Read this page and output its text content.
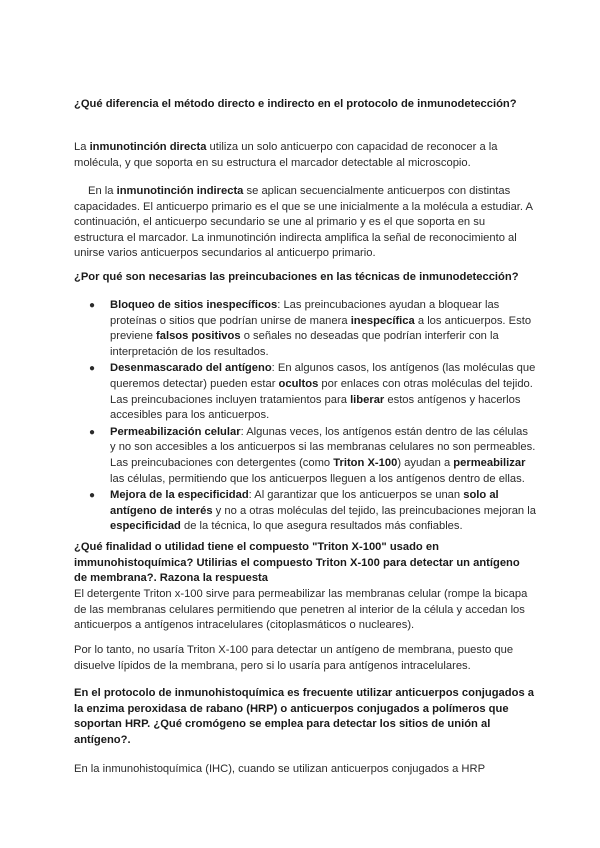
¿Qué diferencia el método directo e indirecto en el protocolo de inmunodetección?

La inmunotinción directa utiliza un solo anticuerpo con capacidad de reconocer a la molécula, y que soporta en su estructura el marcador detectable al microscopio.

En la inmunotinción indirecta se aplican secuencialmente anticuerpos con distintas capacidades. El anticuerpo primario es el que se une inicialmente a la molécula a estudiar. A continuación, el anticuerpo secundario se une al primario y es el que soporta en su estructura el marcador. La inmunotinción indirecta amplifica la señal de reconocimiento al unirse varios anticuerpos secundarios al anticuerpo primario.

¿Por qué son necesarias las preincubaciones en las técnicas de inmunodetección?
● Bloqueo de sitios inespecíficos: Las preincubaciones ayudan a bloquear las proteínas o sitios que podrían unirse de manera inespecífica a los anticuerpos. Esto previene falsos positivos o señales no deseadas que podrían interferir con la interpretación de los resultados.
● Desenmascarado del antígeno: En algunos casos, los antígenos (las moléculas que queremos detectar) pueden estar ocultos por enlaces con otras moléculas del tejido. Las preincubaciones incluyen tratamientos para liberar estos antígenos y hacerlos accesibles para los anticuerpos.
● Permeabilización celular: Algunas veces, los antígenos están dentro de las células y no son accesibles a los anticuerpos si las membranas celulares no son permeables. Las preincubaciones con detergentes (como Triton X-100) ayudan a permeabilizar las células, permitiendo que los anticuerpos lleguen a los antígenos dentro de ellas.
● Mejora de la especificidad: Al garantizar que los anticuerpos se unan solo al antígeno de interés y no a otras moléculas del tejido, las preincubaciones mejoran la especificidad de la técnica, lo que asegura resultados más confiables.
¿Qué finalidad o utilidad tiene el compuesto "Triton X-100" usado en immunohistoquímica? Utilirias el compuesto Triton X-100 para detectar un antígeno de membrana?. Razona la respuesta

El detergente Triton x-100 sirve para permeabilizar las membranas celular (rompe la bicapa de las membranas celulares permitiendo que penetren al interior de la célula y accedan los anticuerpos a antígenos intracelulares (citoplasmáticos o nucleares).

Por lo tanto, no usaría Triton X-100 para detectar un antígeno de membrana, puesto que disuelve lípidos de la membrana, pero si lo usaría para antígenos intracelulares.

En el protocolo de inmunohistoquímica es frecuente utilizar anticuerpos conjugados a la enzima peroxidasa de rabano (HRP) o anticuerpos conjugados a polímeros que soportan HRP. ¿Qué cromógeno se emplea para detectar los sitios de unión al antígeno?.

En la inmunohistoquímica (IHC), cuando se utilizan anticuerpos conjugados a HRP
